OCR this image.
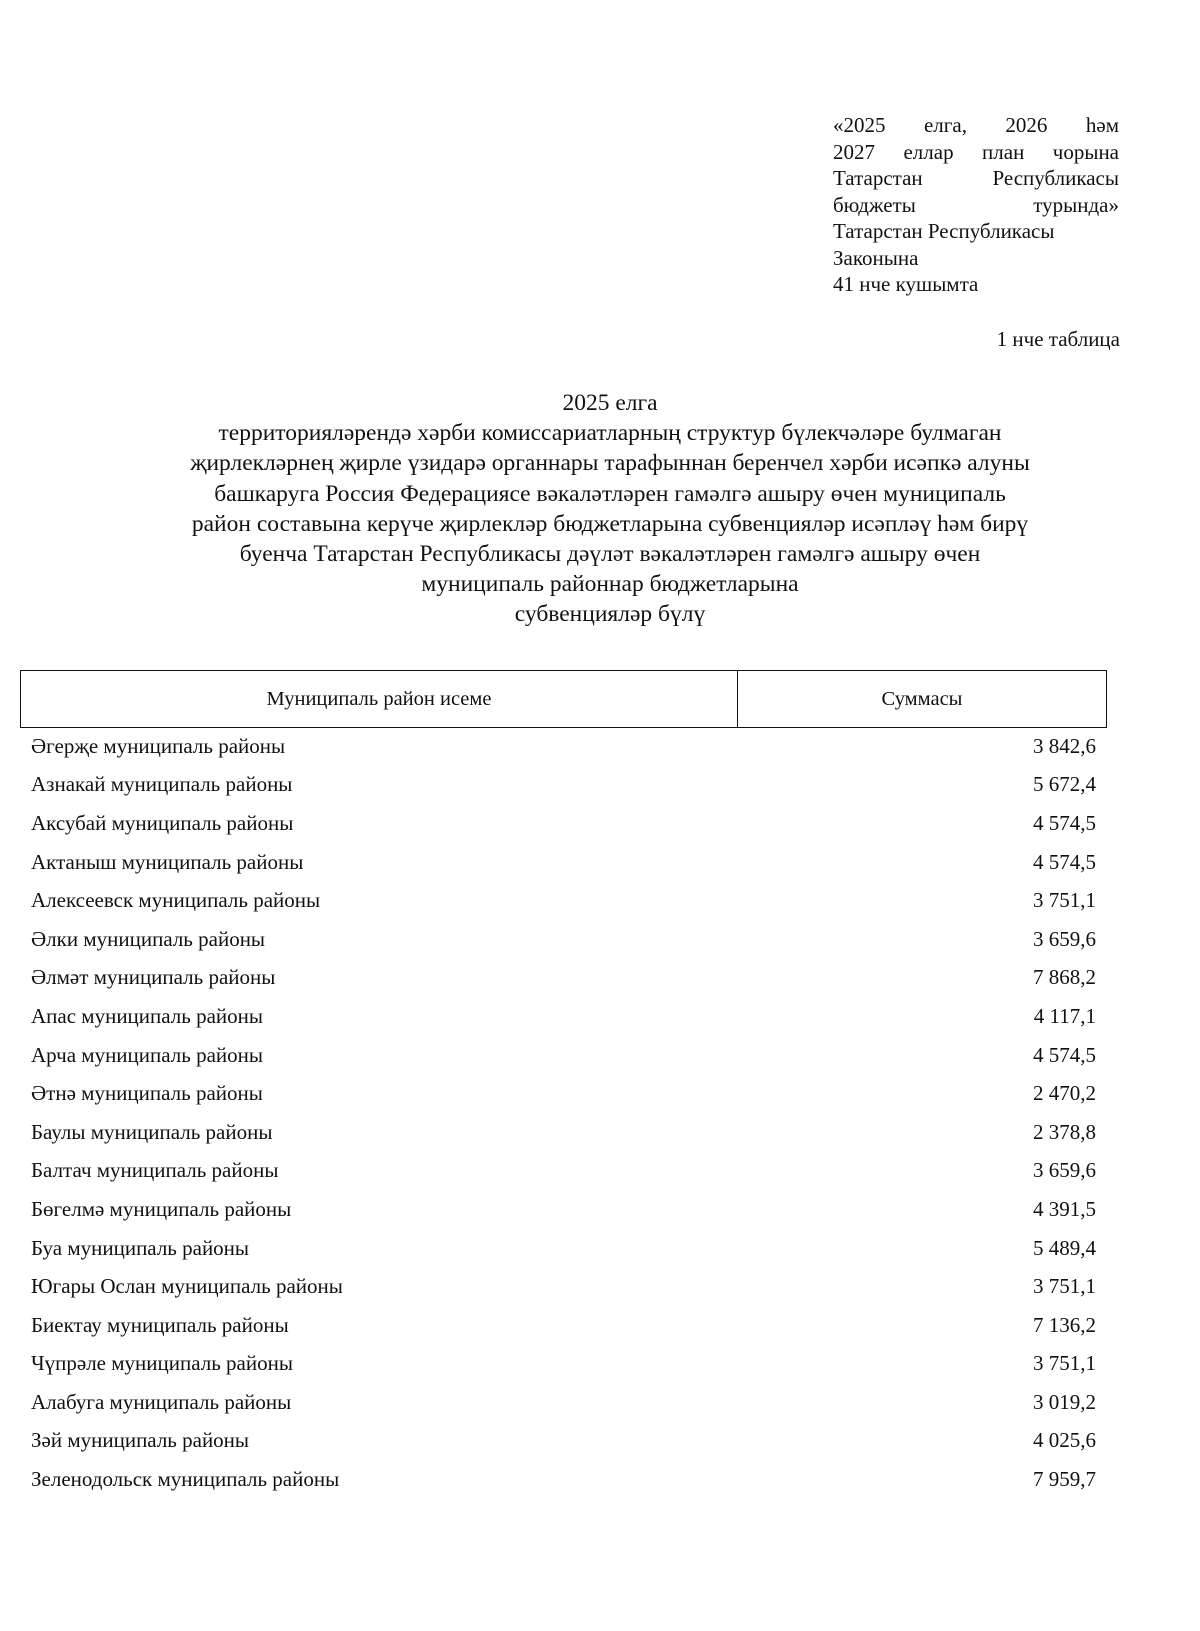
«2025 елга, 2026 һәм
2027 еллар план чорына
Татарстан Республикасы
бюджеты турында»
Татарстан Республикасы
Законына
41 нче кушымта
1 нче таблица
2025 елга
территорияләрендә хәрби комиссариатларның структур бүлекчәләре булмаган
җирлекләрнең җирле үзидарә органнары тарафыннан беренчел хәрби исәпкә алуны
башкаруга Россия Федерациясе вәкаләтләрен гамәлгә ашыру өчен муниципаль
район составына керүче җирлекләр бюджетларына субвенцияләр исәпләү һәм бирү
буенча Татарстан Республикасы дәүләт вәкаләтләрен гамәлгә ашыру өчен
муниципаль районнар бюджетларына
субвенцияләр бүлү
Муниципаль район исеме	Суммасы
Әгерҗе муниципаль районы	3 842,6
Азнакай муниципаль районы	5 672,4
Аксубай муниципаль районы	4 574,5
Актаныш муниципаль районы	4 574,5
Алексеевск муниципаль районы	3 751,1
Әлки муниципаль районы	3 659,6
Әлмәт муниципаль районы	7 868,2
Апас муниципаль районы	4 117,1
Арча муниципаль районы	4 574,5
Әтнә муниципаль районы	2 470,2
Баулы муниципаль районы	2 378,8
Балтач муниципаль районы	3 659,6
Бөгелмә муниципаль районы	4 391,5
Буа муниципаль районы	5 489,4
Югары Ослан муниципаль районы	3 751,1
Биектау муниципаль районы	7 136,2
Чүпрәле муниципаль районы	3 751,1
Алабуга муниципаль районы	3 019,2
Зәй муниципаль районы	4 025,6
Зеленодольск муниципаль районы	7 959,7
